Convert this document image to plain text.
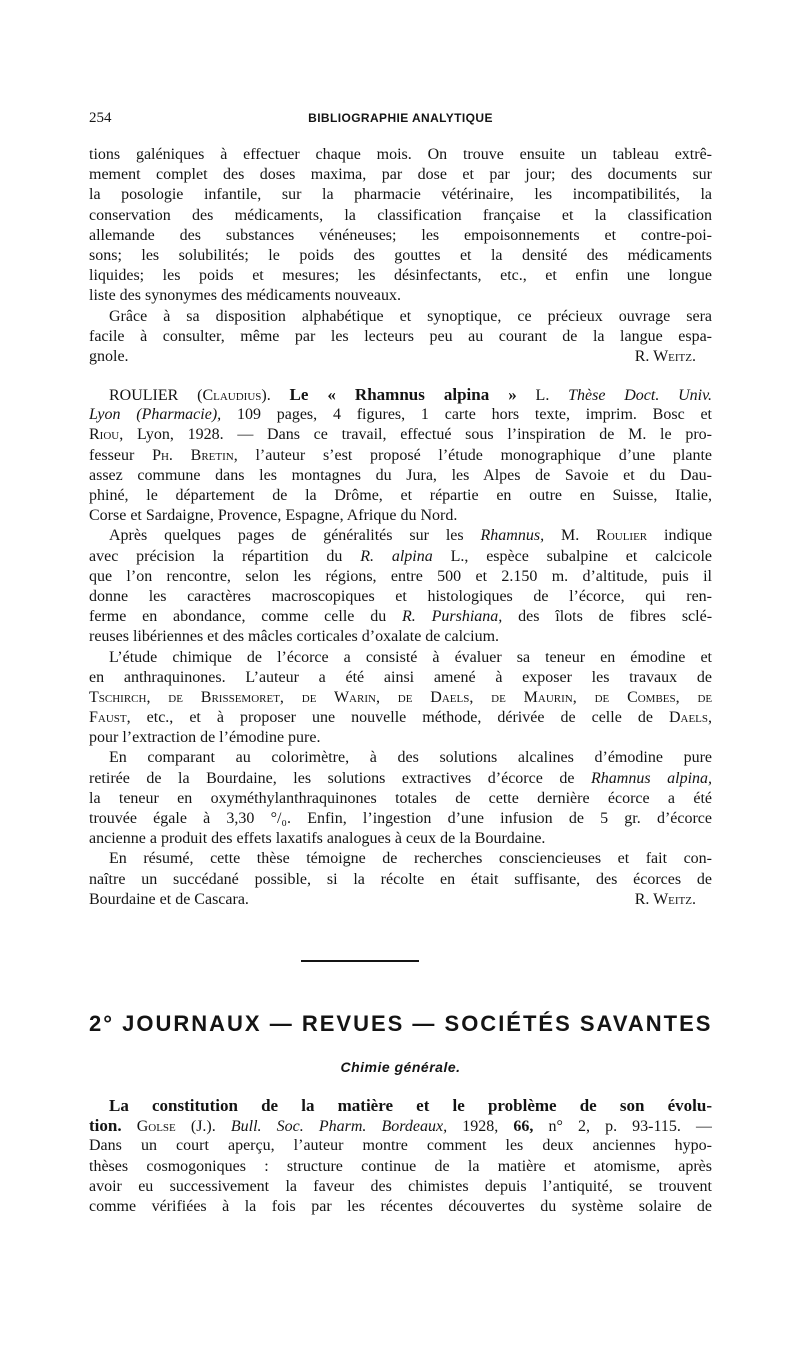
254	BIBLIOGRAPHIE ANALYTIQUE
tions galéniques à effectuer chaque mois. On trouve ensuite un tableau extrê-
mement complet des doses maxima, par dose et par jour; des documents sur
la posologie infantile, sur la pharmacie vétérinaire, les incompatibilités, la
conservation des médicaments, la classification française et la classification
allemande des substances vénéneuses; les empoisonnements et contre-poi-
sons; les solubilités; le poids des gouttes et la densité des médicaments
liquides; les poids et mesures; les désinfectants, etc., et enfin une longue
liste des synonymes des médicaments nouveaux.
Grâce à sa disposition alphabétique et synoptique, ce précieux ouvrage sera
facile à consulter, même par les lecteurs peu au courant de la langue espa-
gnole.	R. Weitz.
ROULIER (Claudius). Le « Rhamnus alpina » L. Thèse Doct. Univ.
Lyon (Pharmacie), 109 pages, 4 figures, 1 carte hors texte, imprim. Bosc et
Riou, Lyon, 1928. — Dans ce travail, effectué sous l’inspiration de M. le pro-
fesseur Ph. Bretin, l’auteur s’est proposé l’étude monographique d’une plante
assez commune dans les montagnes du Jura, les Alpes de Savoie et du Dau-
phiné, le département de la Drôme, et répartie en outre en Suisse, Italie,
Corse et Sardaigne, Provence, Espagne, Afrique du Nord.
Après quelques pages de généralités sur les Rhamnus, M. Roulier indique
avec précision la répartition du R. alpina L., espèce subalpine et calcicole
que l’on rencontre, selon les régions, entre 500 et 2.150 m. d’altitude, puis il
donne les caractères macroscopiques et histologiques de l’écorce, qui ren-
ferme en abondance, comme celle du R. Purshiana, des îlots de fibres sclé-
reuses libériennes et des mâcles corticales d’oxalate de calcium.
L’étude chimique de l’écorce a consisté à évaluer sa teneur en émodine et
en anthraquinones. L’auteur a été ainsi amené à exposer les travaux de
Tschirch, de Brissemoret, de Warin, de Daels, de Maurin, de Combes, de
Faust, etc., et à proposer une nouvelle méthode, dérivée de celle de Daels,
pour l’extraction de l’émodine pure.
En comparant au colorimètre, à des solutions alcalines d’émodine pure
retirée de la Bourdaine, les solutions extractives d’écorce de Rhamnus alpina,
la teneur en oxyméthylanthraquinones totales de cette dernière écorce a été
trouvée égale à 3,30 °/₀. Enfin, l’ingestion d’une infusion de 5 gr. d’écorce
ancienne a produit des effets laxatifs analogues à ceux de la Bourdaine.
En résumé, cette thèse témoigne de recherches consciencieuses et fait con-
naître un succédané possible, si la récolte en était suffisante, des écorces de
Bourdaine et de Cascara.	R. Weitz.
2° JOURNAUX — REVUES — SOCIÉTÉS SAVANTES
Chimie générale.
La constitution de la matière et le problème de son évolu-
tion. Golse (J.). Bull. Soc. Pharm. Bordeaux, 1928, 66, n° 2, p. 93-115. —
Dans un court aperçu, l’auteur montre comment les deux anciennes hypo-
thèses cosmogoniques : structure continue de la matière et atomisme, après
avoir eu successivement la faveur des chimistes depuis l’antiquité, se trouvent
comme vérifiées à la fois par les récentes découvertes du système solaire de
